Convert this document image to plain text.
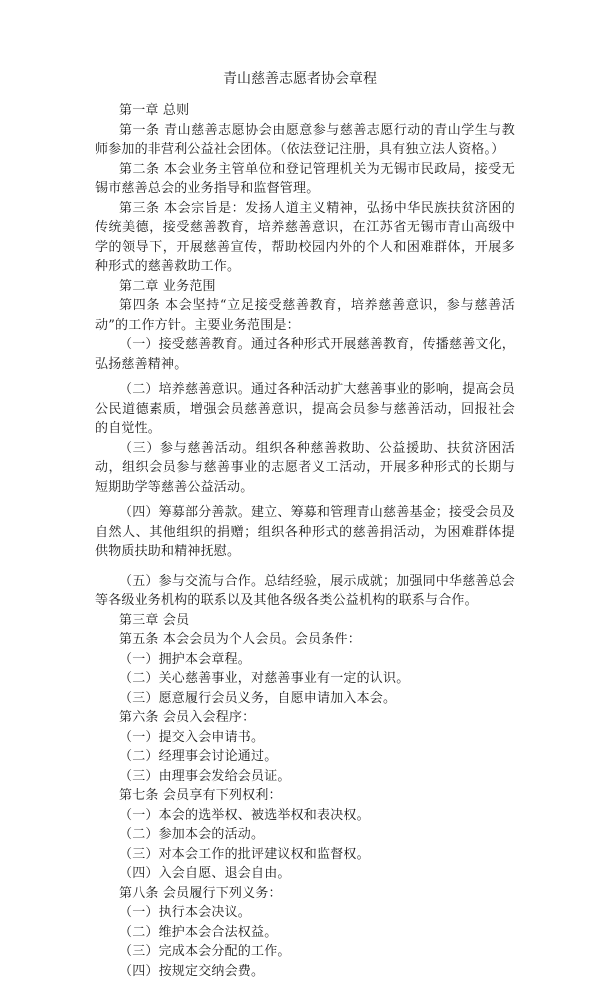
青山慈善志愿者协会章程

第一章 总则

第一条 青山慈善志愿协会由愿意参与慈善志愿行动的青山学生与教师参加的非营利公益社会团体。（依法登记注册，具有独立法人资格。）

第二条 本会业务主管单位和登记管理机关为无锡市民政局，接受无锡市慈善总会的业务指导和监督管理。

第三条 本会宗旨是：发扬人道主义精神，弘扬中华民族扶贫济困的传统美德，接受慈善教育，培养慈善意识，在江苏省无锡市青山高级中学的领导下，开展慈善宣传，帮助校园内外的个人和困难群体，开展多种形式的慈善救助工作。

第二章 业务范围

第四条 本会坚持“立足接受慈善教育，培养慈善意识，参与慈善活动”的工作方针。主要业务范围是：

（一）接受慈善教育。通过各种形式开展慈善教育，传播慈善文化，弘扬慈善精神。

（二）培养慈善意识。通过各种活动扩大慈善事业的影响，提高会员公民道德素质，增强会员慈善意识，提高会员参与慈善活动，回报社会的自觉性。

（三）参与慈善活动。组织各种慈善救助、公益援助、扶贫济困活动，组织会员参与慈善事业的志愿者义工活动，开展多种形式的长期与短期助学等慈善公益活动。

（四）筹募部分善款。建立、筹募和管理青山慈善基金；接受会员及自然人、其他组织的捐赠；组织各种形式的慈善捐活动，为困难群体提供物质扶助和精神抚慰。

（五）参与交流与合作。总结经验，展示成就；加强同中华慈善总会等各级业务机构的联系以及其他各级各类公益机构的联系与合作。

第三章 会员

第五条 本会会员为个人会员。会员条件：

（一）拥护本会章程。

（二）关心慈善事业，对慈善事业有一定的认识。

（三）愿意履行会员义务，自愿申请加入本会。

第六条 会员入会程序：

（一）提交入会申请书。

（二）经理事会讨论通过。

（三）由理事会发给会员证。

第七条 会员享有下列权利：

（一）本会的选举权、被选举权和表决权。

（二）参加本会的活动。

（三）对本会工作的批评建议权和监督权。

（四）入会自愿、退会自由。

第八条 会员履行下列义务：

（一）执行本会决议。

（二）维护本会合法权益。

（三）完成本会分配的工作。

（四）按规定交纳会费。
